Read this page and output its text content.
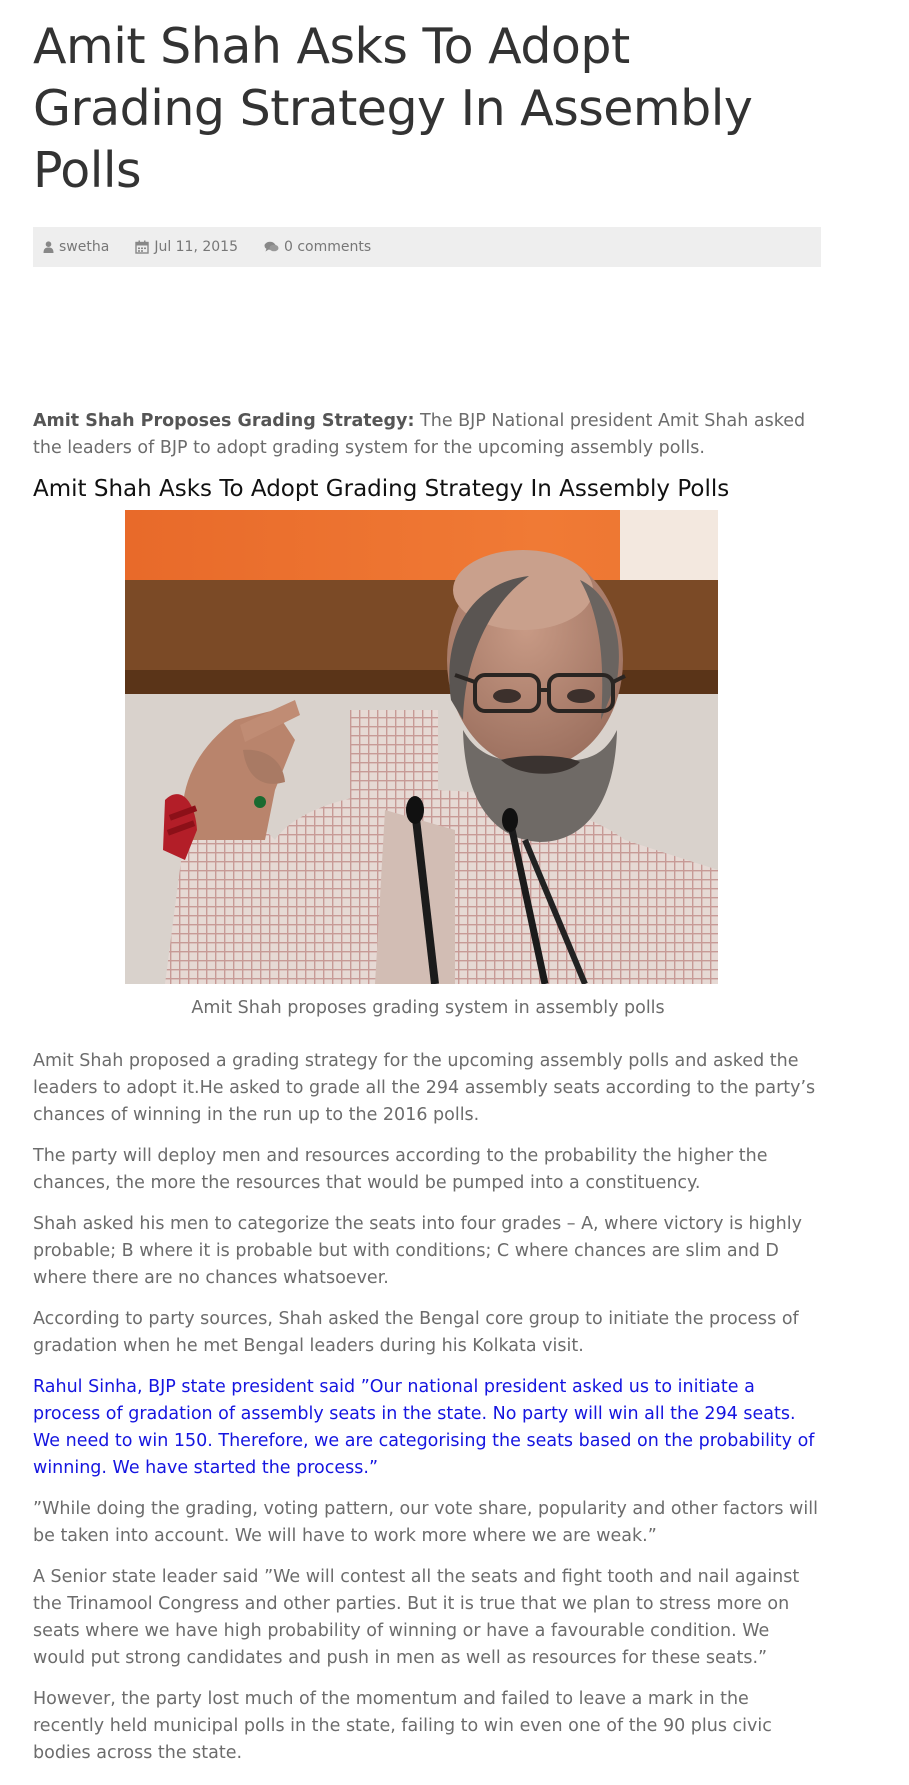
Amit Shah Asks To Adopt Grading Strategy In Assembly Polls
swetha	Jul 11, 2015	0 comments

Amit Shah Proposes Grading Strategy: The BJP National president Amit Shah asked the leaders of BJP to adopt grading system for the upcoming assembly polls.

Amit Shah Asks To Adopt Grading Strategy In Assembly Polls
Amit Shah proposes grading system in assembly polls

Amit Shah proposed a grading strategy for the upcoming assembly polls and asked the leaders to adopt it.He asked to grade all the 294 assembly seats according to the party’s chances of winning in the run up to the 2016 polls.

The party will deploy men and resources according to the probability the higher the chances, the more the resources that would be pumped into a constituency.

Shah asked his men to categorize the seats into four grades – A, where victory is highly probable; B where it is probable but with conditions; C where chances are slim and D where there are no chances whatsoever.

According to party sources, Shah asked the Bengal core group to initiate the process of gradation when he met Bengal leaders during his Kolkata visit.

Rahul Sinha, BJP state president said ”Our national president asked us to initiate a process of gradation of assembly seats in the state. No party will win all the 294 seats. We need to win 150. Therefore, we are categorising the seats based on the probability of winning. We have started the process.”

”While doing the grading, voting pattern, our vote share, popularity and other factors will be taken into account. We will have to work more where we are weak.”

A Senior state leader said ”We will contest all the seats and fight tooth and nail against the Trinamool Congress and other parties. But it is true that we plan to stress more on seats where we have high probability of winning or have a favourable condition. We would put strong candidates and push in men as well as resources for these seats.”

However, the party lost much of the momentum and failed to leave a mark in the recently held municipal polls in the state, failing to win even one of the 90 plus civic bodies across the state.
